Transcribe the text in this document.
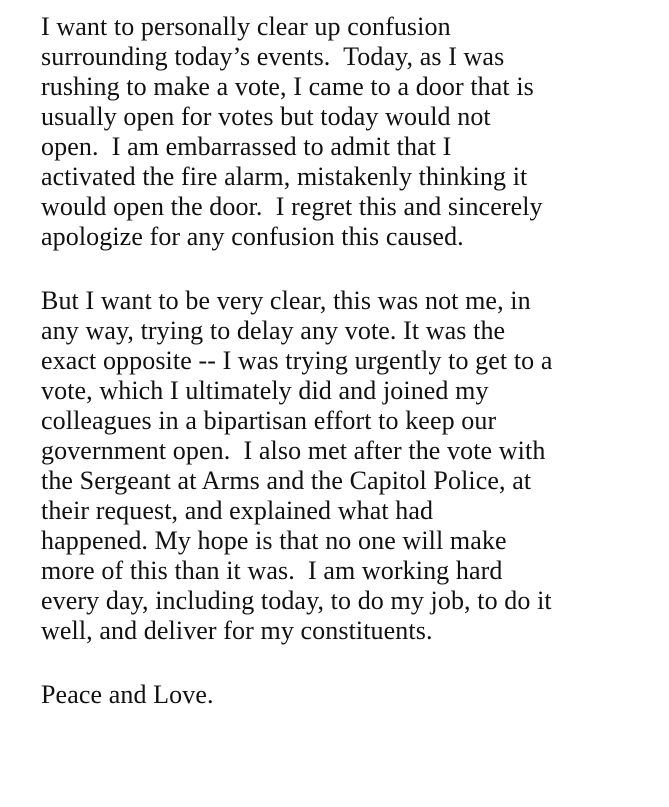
I want to personally clear up confusion
surrounding today’s events.  Today, as I was
rushing to make a vote, I came to a door that is
usually open for votes but today would not
open.  I am embarrassed to admit that I
activated the fire alarm, mistakenly thinking it
would open the door.  I regret this and sincerely
apologize for any confusion this caused.

But I want to be very clear, this was not me, in
any way, trying to delay any vote. It was the
exact opposite -- I was trying urgently to get to a
vote, which I ultimately did and joined my
colleagues in a bipartisan effort to keep our
government open.  I also met after the vote with
the Sergeant at Arms and the Capitol Police, at
their request, and explained what had
happened. My hope is that no one will make
more of this than it was.  I am working hard
every day, including today, to do my job, to do it
well, and deliver for my constituents.

Peace and Love.
